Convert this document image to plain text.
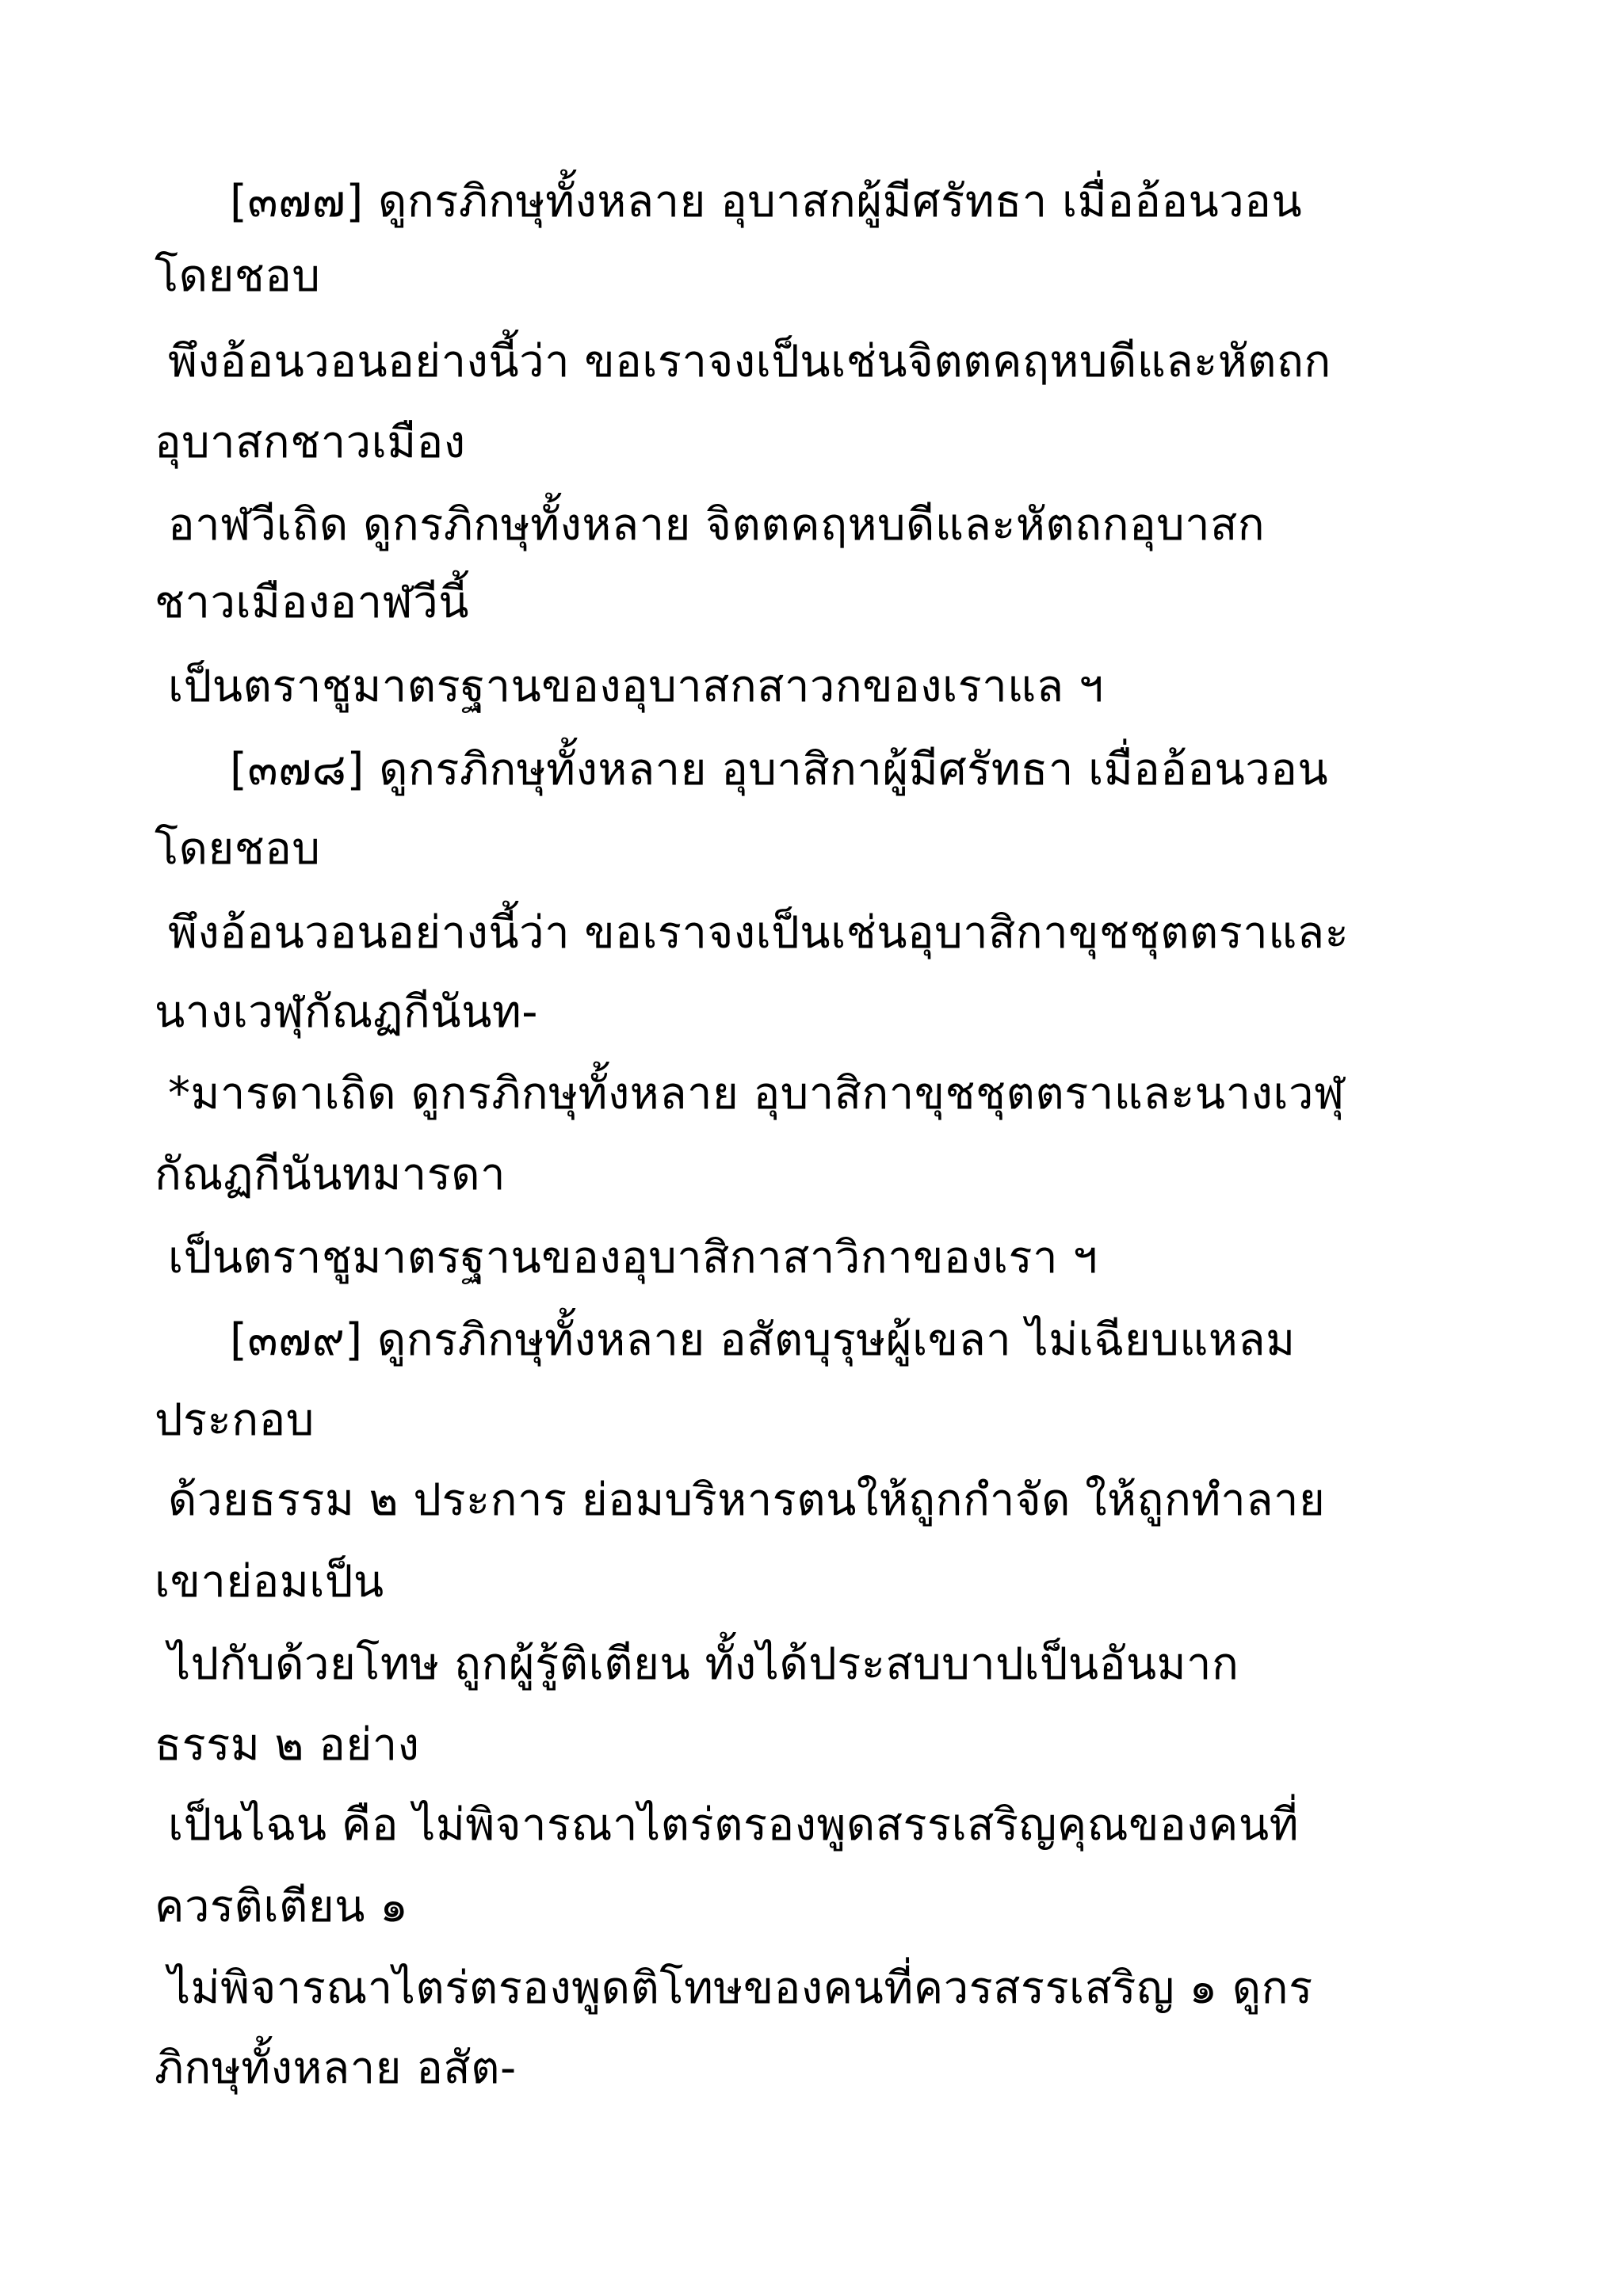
[๓๗๗] ดูกรภิกษุทั้งหลาย อุบาสกผู้มีศรัทธา เมื่ออ้อนวอน
โดยชอบ
พึงอ้อนวอนอย่างนี้ว่า ขอเราจงเป็นเช่นจิตตคฤหบดีและหัตถก
อุบาสกชาวเมือง
อาฬวีเถิด ดูกรภิกษุทั้งหลาย จิตตคฤหบดีและหัตถกอุบาสก
ชาวเมืองอาฬวีนี้
เป็นตราชูมาตรฐานของอุบาสกสาวกของเราแล ฯ
[๓๗๘] ดูกรภิกษุทั้งหลาย อุบาสิกาผู้มีศรัทธา เมื่ออ้อนวอน
โดยชอบ
พึงอ้อนวอนอย่างนี้ว่า ขอเราจงเป็นเช่นอุบาสิกาขุชชุตตราและ
นางเวฬุกัณฏกีนันท-
*มารดาเถิด ดูกรภิกษุทั้งหลาย อุบาสิกาขุชชุตตราและนางเวฬุ
กัณฏกีนันทมารดา
เป็นตราชูมาตรฐานของอุบาสิกาสาวิกาของเรา ฯ
[๓๗๙] ดูกรภิกษุทั้งหลาย อสัตบุรุษผู้เขลา ไม่เฉียบแหลม
ประกอบ
ด้วยธรรม ๒ ประการ ย่อมบริหารตนให้ถูกกำจัด ให้ถูกทำลาย
เขาย่อมเป็น
ไปกับด้วยโทษ ถูกผู้รู้ติเตียน ทั้งได้ประสบบาปเป็นอันมาก
ธรรม ๒ อย่าง
เป็นไฉน คือ ไม่พิจารณาไตร่ตรองพูดสรรเสริญคุณของคนที่
ควรติเตียน ๑
ไม่พิจารณาไตร่ตรองพูดติโทษของคนที่ควรสรรเสริญ ๑ ดูกร
ภิกษุทั้งหลาย อสัต-
